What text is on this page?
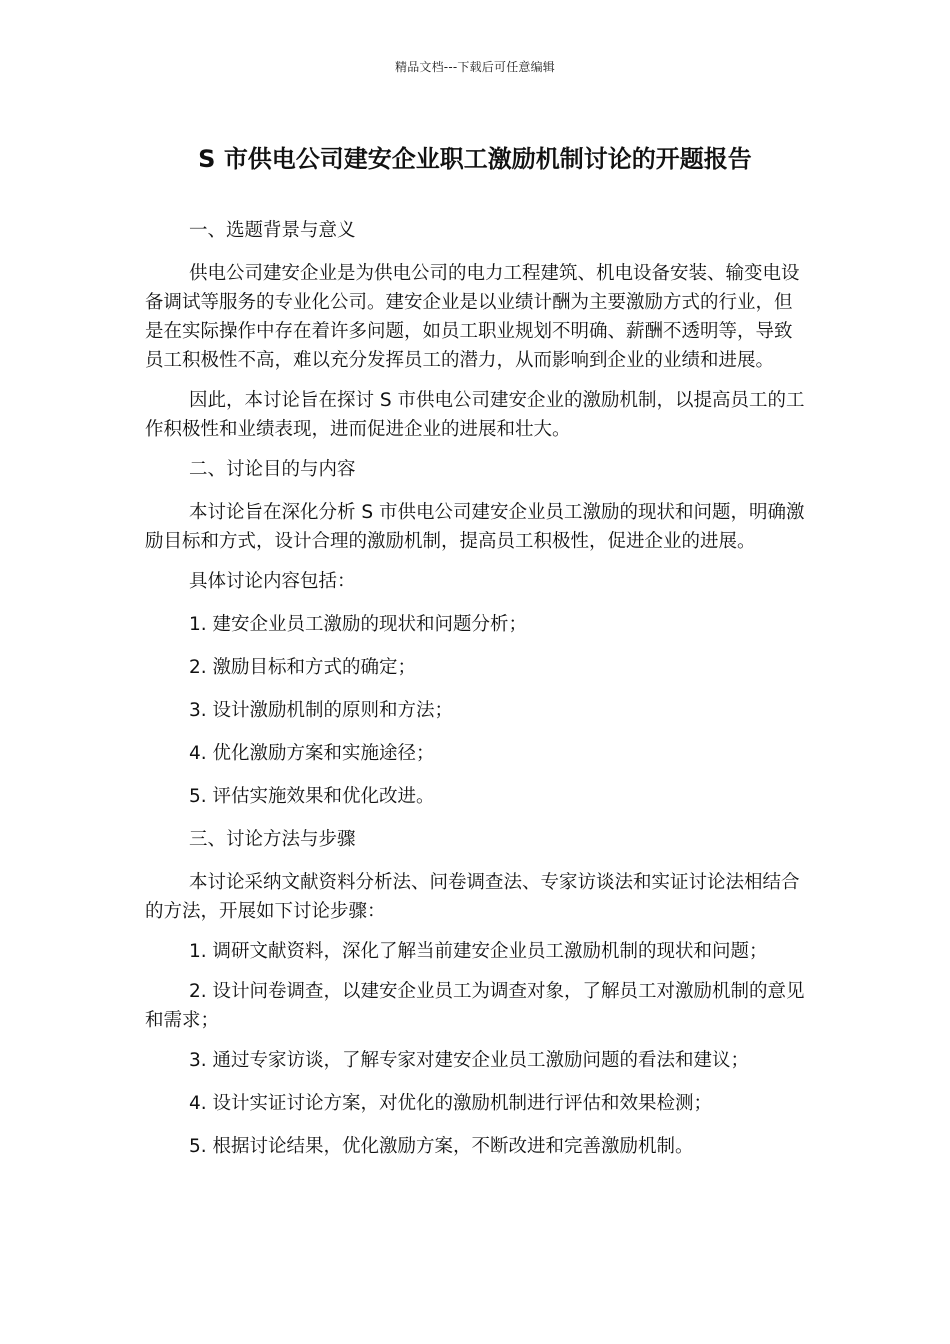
精品文档---下载后可任意编辑
S 市供电公司建安企业职工激励机制讨论的开题报告

一、选题背景与意义

供电公司建安企业是为供电公司的电力工程建筑、机电设备安装、输变电设备调试等服务的专业化公司。建安企业是以业绩计酬为主要激励方式的行业，但是在实际操作中存在着许多问题，如员工职业规划不明确、薪酬不透明等，导致员工积极性不高，难以充分发挥员工的潜力，从而影响到企业的业绩和进展。

因此，本讨论旨在探讨 S 市供电公司建安企业的激励机制，以提高员工的工作积极性和业绩表现，进而促进企业的进展和壮大。

二、讨论目的与内容

本讨论旨在深化分析 S 市供电公司建安企业员工激励的现状和问题，明确激励目标和方式，设计合理的激励机制，提高员工积极性，促进企业的进展。

具体讨论内容包括：

1. 建安企业员工激励的现状和问题分析；

2. 激励目标和方式的确定；

3. 设计激励机制的原则和方法；

4. 优化激励方案和实施途径；

5. 评估实施效果和优化改进。

三、讨论方法与步骤

本讨论采纳文献资料分析法、问卷调查法、专家访谈法和实证讨论法相结合的方法，开展如下讨论步骤：

1. 调研文献资料，深化了解当前建安企业员工激励机制的现状和问题；

2. 设计问卷调查，以建安企业员工为调查对象，了解员工对激励机制的意见和需求；

3. 通过专家访谈，了解专家对建安企业员工激励问题的看法和建议；

4. 设计实证讨论方案，对优化的激励机制进行评估和效果检测；

5. 根据讨论结果，优化激励方案，不断改进和完善激励机制。
